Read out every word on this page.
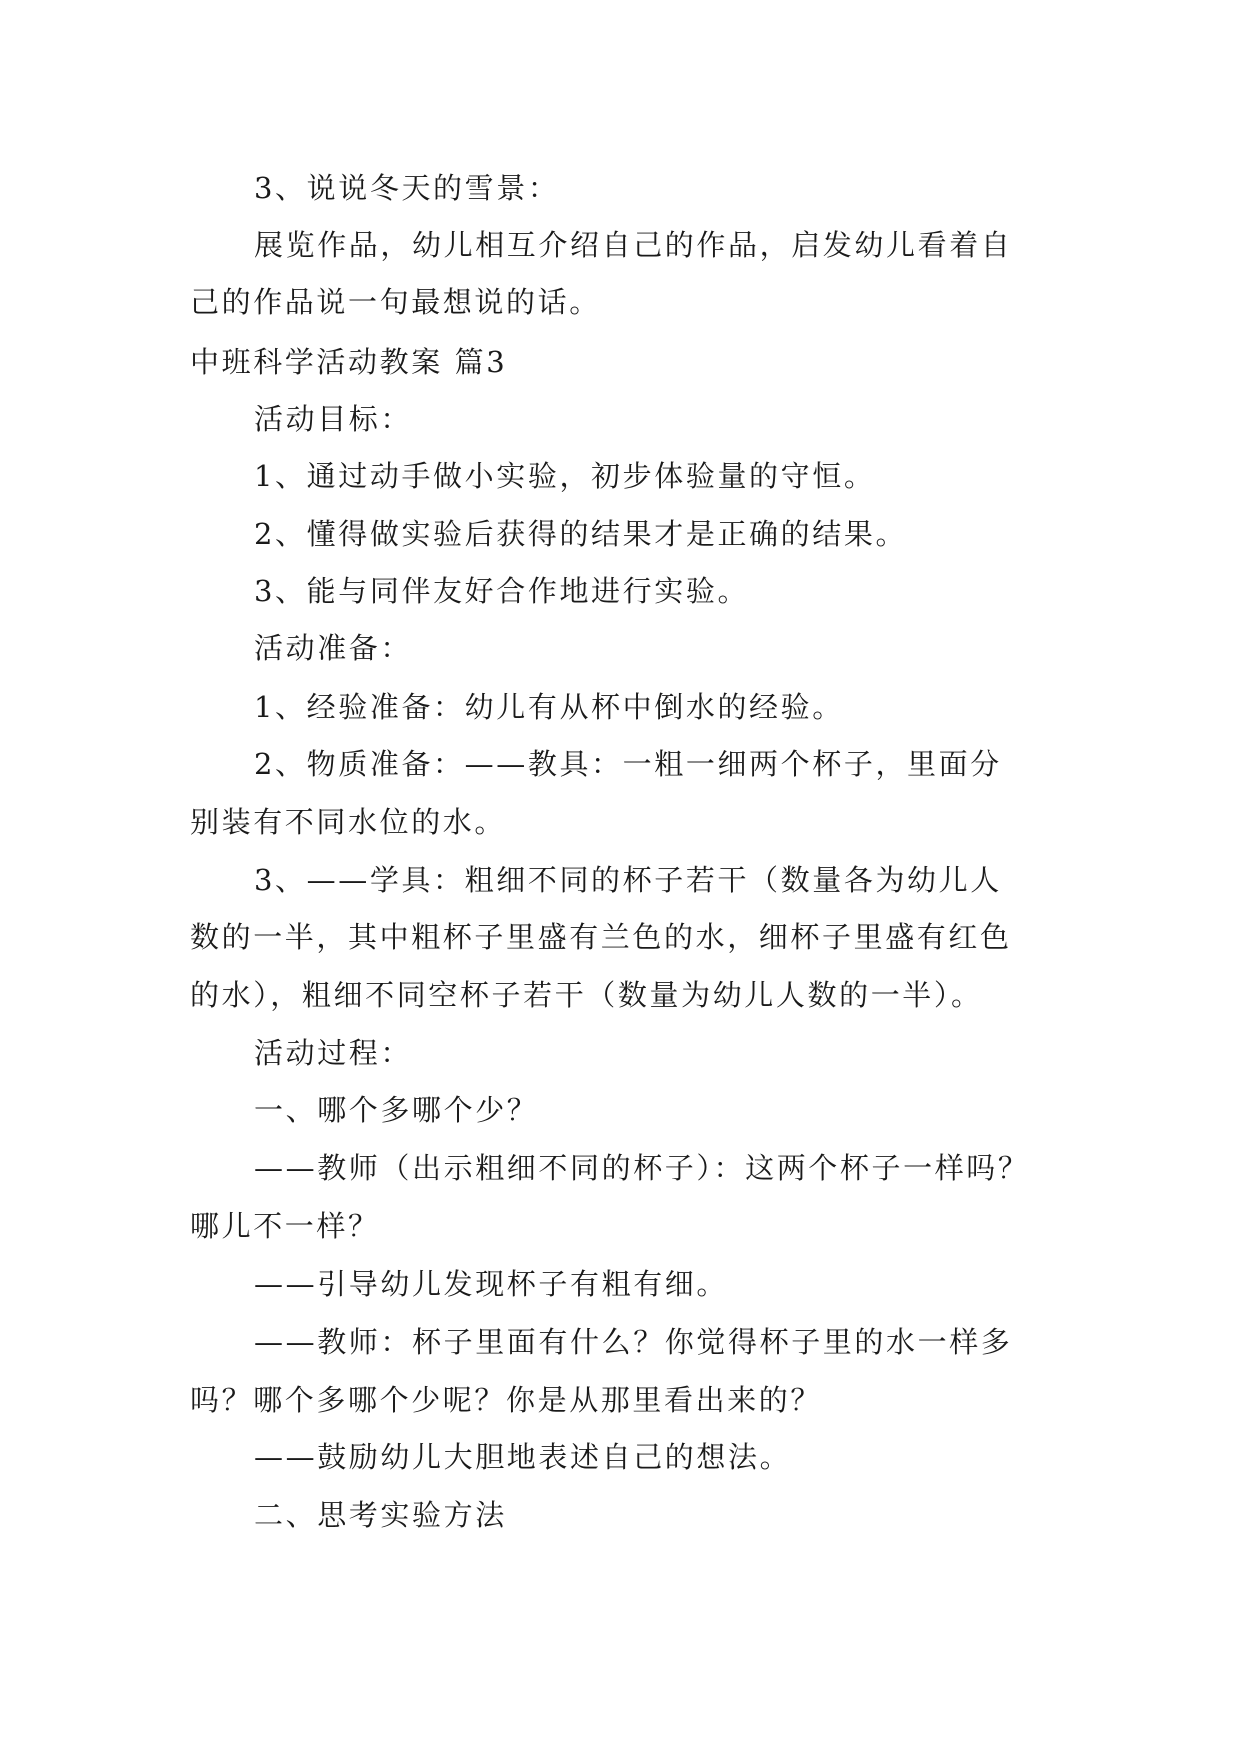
3、说说冬天的雪景：
展览作品，幼儿相互介绍自己的作品，启发幼儿看着自
己的作品说一句最想说的话。
中班科学活动教案 篇3
活动目标：
1、通过动手做小实验，初步体验量的守恒。
2、懂得做实验后获得的结果才是正确的结果。
3、能与同伴友好合作地进行实验。
活动准备：
1、经验准备：幼儿有从杯中倒水的经验。
2、物质准备：——教具：一粗一细两个杯子，里面分
别装有不同水位的水。
3、——学具：粗细不同的杯子若干（数量各为幼儿人
数的一半，其中粗杯子里盛有兰色的水，细杯子里盛有红色
的水），粗细不同空杯子若干（数量为幼儿人数的一半）。
活动过程：
一、哪个多哪个少？
——教师（出示粗细不同的杯子）：这两个杯子一样吗？
哪儿不一样？
——引导幼儿发现杯子有粗有细。
——教师：杯子里面有什么？你觉得杯子里的水一样多
吗？哪个多哪个少呢？你是从那里看出来的？
——鼓励幼儿大胆地表述自己的想法。
二、思考实验方法
